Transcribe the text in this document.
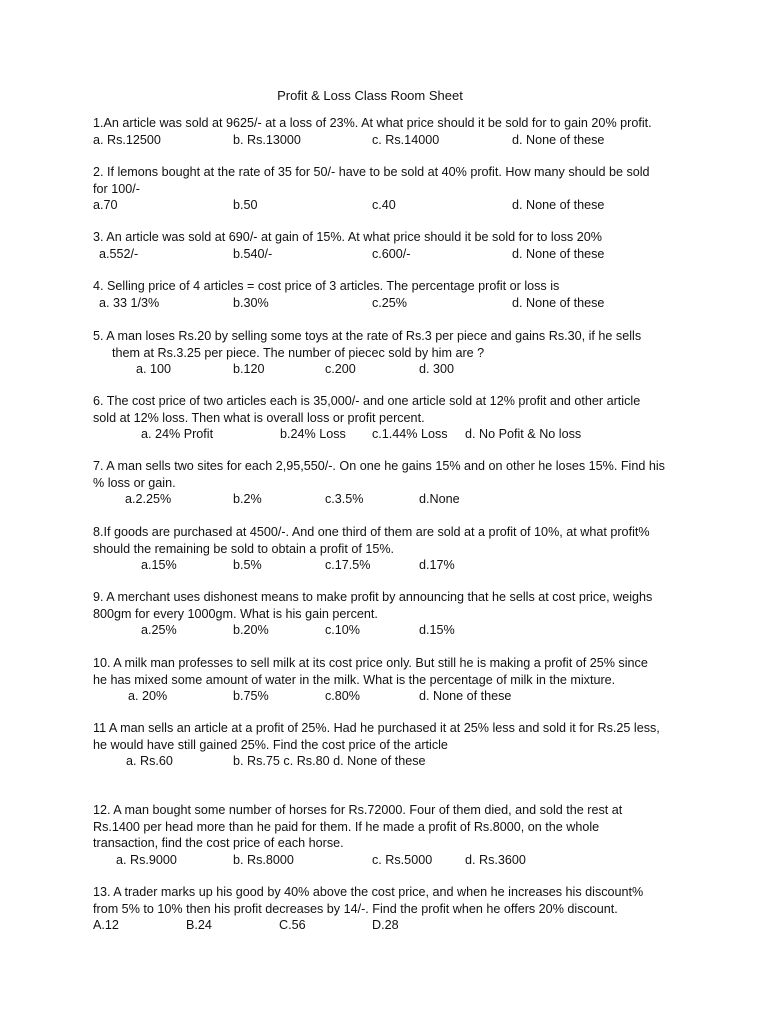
Profit & Loss Class Room Sheet

1.An article was sold at 9625/- at a loss of 23%. At what price should it be sold for to gain 20% profit.

a. Rs.12500	b. Rs.13000	c. Rs.14000	d. None of these

2. If lemons bought at the rate of 35 for 50/- have to be sold at 40% profit. How many should be sold

for 100/-

a.70	b.50	c.40	d. None of these

3. An article was sold at 690/- at gain of 15%. At what price should it be sold for to loss 20%

a.552/-	b.540/-	c.600/-	d. None of these

4. Selling price of 4 articles = cost price of 3 articles. The percentage profit or loss is

a. 33 1/3%	b.30%	c.25%	d. None of these

5. A man loses Rs.20 by selling some toys at the rate of Rs.3 per piece and gains Rs.30, if he sells

them at Rs.3.25 per piece. The number of piecec sold by him are ?

a. 100	b.120	c.200	d. 300

6. The cost price of two articles each is 35,000/- and one article sold at 12% profit and other article

sold at 12% loss. Then what is overall loss or profit percent.

a. 24% Profit	b.24% Loss c.1.44% Loss d. No Pofit & No loss

7. A man sells two sites for each 2,95,550/-. On one he gains 15% and on other he loses 15%. Find his

% loss or gain.

a.2.25%	b.2%	c.3.5%	d.None

8.If goods are purchased at 4500/-. And one third of them are sold at a profit of 10%, at what profit%

should the remaining be sold to obtain a profit of 15%.

a.15%	b.5%	c.17.5%	d.17%

9. A merchant uses dishonest means to make profit by announcing that he sells at cost price, weighs

800gm for every 1000gm. What is his gain percent.

a.25%	b.20%	c.10%	d.15%

10. A milk man professes to sell milk at its cost price only. But still he is making a profit of 25% since

he has mixed some amount of water in the milk. What is the percentage of milk in the mixture.

a. 20%	b.75%	c.80%	d. None of these

11 A man sells an article at a profit of 25%. Had he purchased it at 25% less and sold it for Rs.25 less,

he would have still gained 25%. Find the cost price of the article

a. Rs.60	b. Rs.75 c. Rs.80 d. None of these

12. A man bought some number of horses for Rs.72000. Four of them died, and sold the rest at

Rs.1400 per head more than he paid for them. If he made a profit of Rs.8000, on the whole

transaction, find the cost price of each horse.

a. Rs.9000	b. Rs.8000	c. Rs.5000	d. Rs.3600

13. A trader marks up his good by 40% above the cost price, and when he increases his discount%

from 5% to 10% then his profit decreases by 14/-. Find the profit when he offers 20% discount.

A.12	B.24	C.56	D.28
